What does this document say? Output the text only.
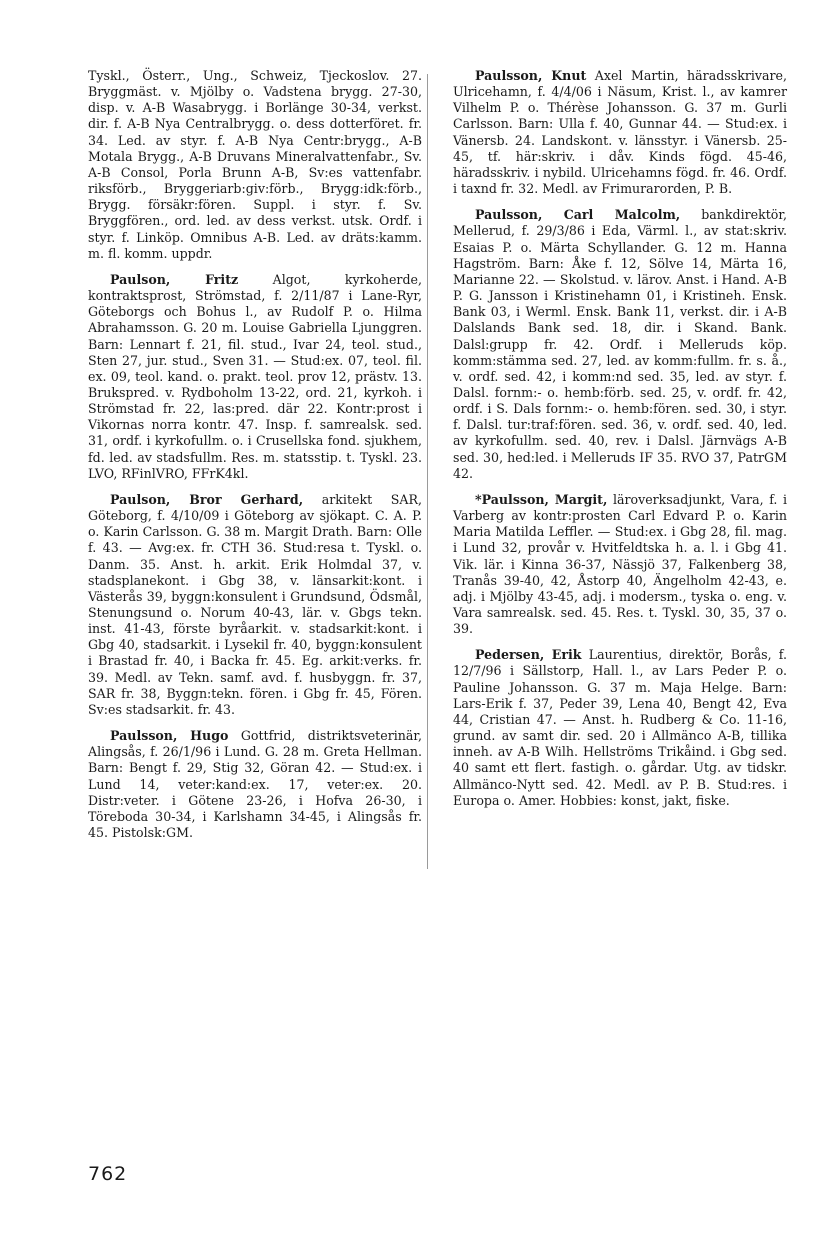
Tyskl., Österr., Ung., Schweiz, Tjeckoslov. 27. Bryggmäst. v. Mjölby o. Vadstena brygg. 27-30, disp. v. A-B Wasabrygg. i Borlänge 30-34, verkst. dir. f. A-B Nya Centralbrygg. o. dess dotterföret. fr. 34. Led. av styr. f. A-B Nya Centr:brygg., A-B Motala Brygg., A-B Druvans Mineralvattenfabr., Sv. A-B Consol, Porla Brunn A-B, Sv:es vattenfabr. riksförb., Bryggeriarb:giv:förb., Brygg:idk:förb., Brygg. försäkr:fören. Suppl. i styr. f. Sv. Bryggfören., ord. led. av dess verkst. utsk. Ordf. i styr. f. Linköp. Omnibus A-B. Led. av dräts:kamm. m. fl. komm. uppdr.

Paulson, Fritz	Algot, kyrkoherde, kontraktsprost, Strömstad, f. 2/11/87 i Lane-Ryr, Göteborgs och Bohus l., av Rudolf P. o. Hilma Abrahamsson. G. 20 m. Louise Gabriella Ljunggren. Barn: Lennart f. 21, fil. stud., Ivar 24, teol. stud., Sten 27, jur. stud., Sven 31. — Stud:ex. 07, teol. fil. ex. 09, teol. kand. o. prakt. teol. prov 12, prästv. 13. Brukspred. v. Rydboholm 13-22, ord. 21, kyrkoh. i Strömstad fr. 22, las:pred. där 22. Kontr:prost i Vikornas norra kontr. 47. Insp. f. samrealsk. sed. 31, ordf. i kyrkofullm. o. i Crusellska fond. sjukhem, fd. led. av stadsfullm. Res. m. statsstip. t. Tyskl. 23. LVO, RFinlVRO, FFrK4kl.

Paulson, Bror Gerhard, arkitekt SAR, Göteborg, f. 4/10/09 i Göteborg av sjökapt. C. A. P. o. Karin Carlsson. G. 38 m. Margit Drath. Barn: Olle f. 43. — Avg:ex. fr. CTH 36. Stud:resa t. Tyskl. o. Danm. 35. Anst. h. arkit. Erik Holmdal 37, v. stadsplanekont. i Gbg 38, v. länsarkit:kont. i Västerås 39, byggn:konsulent i Grundsund, Ödsmål, Stenungsund o. Norum 40-43, lär. v. Gbgs tekn. inst. 41-43, förste byråarkit. v. stadsarkit:kont. i Gbg 40, stadsarkit. i Lysekil fr. 40, byggn:konsulent i Brastad fr. 40, i Backa fr. 45. Eg. arkit:verks. fr. 39. Medl. av Tekn. samf. avd. f. husbyggn. fr. 37, SAR fr. 38, Byggn:tekn. fören. i Gbg fr. 45, Fören. Sv:es stadsarkit. fr. 43.

Paulsson, Hugo Gottfrid, distriktsveterinär, Alingsås, f. 26/1/96 i Lund. G. 28 m. Greta Hellman. Barn: Bengt f. 29, Stig 32, Göran 42. — Stud:ex. i Lund 14, veter:kand:ex. 17, veter:ex. 20. Distr:veter. i Götene 23-26, i Hofva 26-30, i Töreboda 30-34, i Karlshamn 34-45, i Alingsås fr. 45. Pistolsk:GM.

Paulsson, Knut Axel Martin, häradsskrivare, Ulricehamn, f. 4/4/06 i Näsum, Krist. l., av kamrer Vilhelm P. o. Thérèse Johansson. G. 37 m. Gurli Carlsson. Barn: Ulla f. 40, Gunnar 44. — Stud:ex. i Vänersb. 24. Landskont. v. länsstyr. i Vänersb. 25-45, tf. här:skriv. i dåv. Kinds fögd. 45-46, häradsskriv. i nybild. Ulricehamns fögd. fr. 46. Ordf. i taxnd fr. 32. Medl. av Frimurarorden, P. B.

Paulsson, Carl Malcolm, bankdirektör, Mellerud, f. 29/3/86 i Eda, Värml. l., av stat:skriv. Esaias P. o. Märta Schyllander. G. 12 m. Hanna Hagström. Barn: Åke f. 12, Sölve 14, Märta 16, Marianne 22. — Skolstud. v. lärov. Anst. i Hand. A-B P. G. Jansson i Kristinehamn 01, i Kristineh. Ensk. Bank 03, i Werml. Ensk. Bank 11, verkst. dir. i A-B Dalslands Bank sed. 18, dir. i Skand. Bank. Dalsl:grupp fr. 42. Ordf. i Melleruds köp. komm:stämma sed. 27, led. av komm:fullm. fr. s. å., v. ordf. sed. 42, i komm:nd sed. 35, led. av styr. f. Dalsl. fornm:- o. hemb:förb. sed. 25, v. ordf. fr. 42, ordf. i S. Dals fornm:- o. hemb:fören. sed. 30, i styr. f. Dalsl. tur:traf:fören. sed. 36, v. ordf. sed. 40, led. av kyrkofullm. sed. 40, rev. i Dalsl. Järnvägs A-B sed. 30, hed:led. i Melleruds IF 35. RVO 37, PatrGM 42.

*Paulsson, Margit, läroverksadjunkt, Vara, f. i Varberg av kontr:prosten Carl Edvard P. o. Karin Maria Matilda Leffler. — Stud:ex. i Gbg 28, fil. mag. i Lund 32, provår v. Hvitfeldtska h. a. l. i Gbg 41. Vik. lär. i Kinna 36-37, Nässjö 37, Falkenberg 38, Tranås 39-40, 42, Åstorp 40, Ängelholm 42-43, e. adj. i Mjölby 43-45, adj. i modersm., tyska o. eng. v. Vara samrealsk. sed. 45. Res. t. Tyskl. 30, 35, 37 o. 39.

Pedersen, Erik Laurentius, direktör, Borås, f. 12/7/96 i Sällstorp, Hall. l., av Lars Peder P. o. Pauline Johansson. G. 37 m. Maja Helge. Barn: Lars-Erik f. 37, Peder 39, Lena 40, Bengt 42, Eva 44, Cristian 47. — Anst. h. Rudberg & Co. 11-16, grund. av samt dir. sed. 20 i Allmänco A-B, tillika inneh. av A-B Wilh. Hellströms Trikåind. i Gbg sed. 40 samt ett flert. fastigh. o. gårdar. Utg. av tidskr. Allmänco-Nytt sed. 42. Medl. av P. B. Stud:res. i Europa o. Amer. Hobbies: konst, jakt, fiske.

762
